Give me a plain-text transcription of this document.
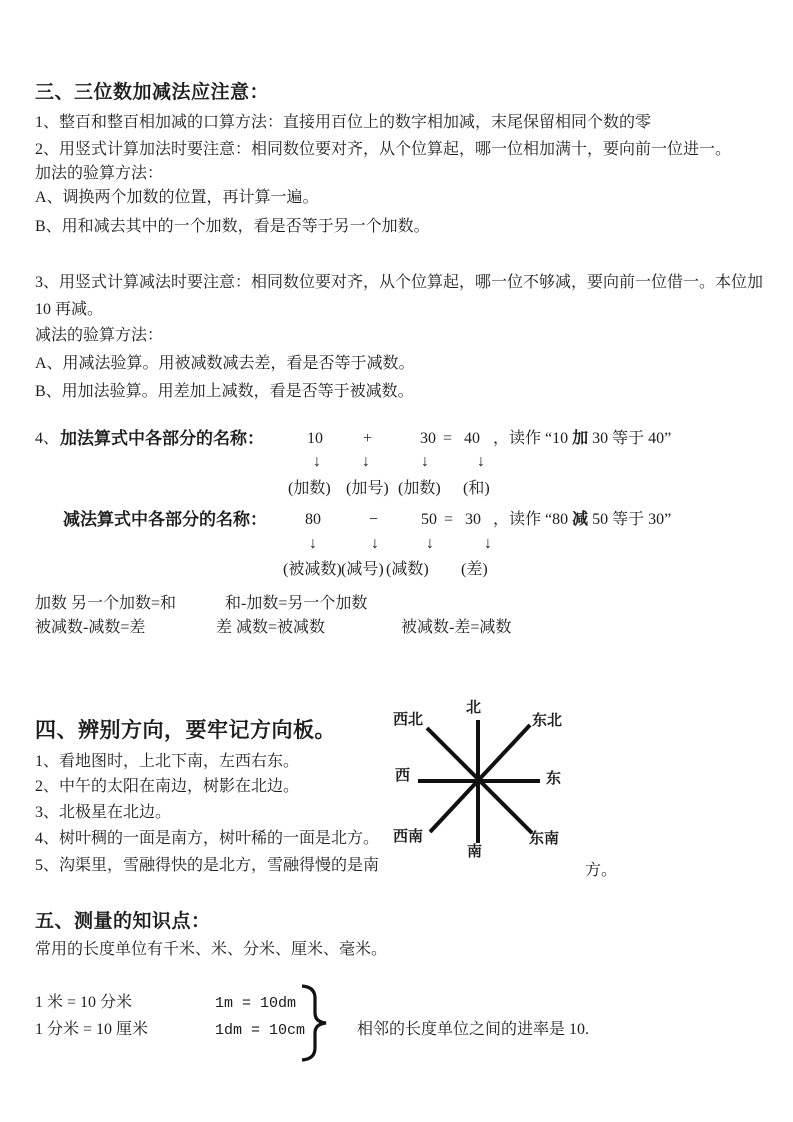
三、三位数加减法应注意：
1、整百和整百相加减的口算方法：直接用百位上的数字相加减，末尾保留相同个数的零
2、用竖式计算加法时要注意：相同数位要对齐，从个位算起，哪一位相加满十，要向前一位进一。
加法的验算方法：
A、调换两个加数的位置，再计算一遍。
B、用和减去其中的一个加数，看是否等于另一个加数。
3、用竖式计算减法时要注意：相同数位要对齐，从个位算起，哪一位不够减，要向前一位借一。本位加
10 再减。
减法的验算方法：
A、用减法验算。用被减数减去差，看是否等于减数。
B、用加法验算。用差加上减数，看是否等于被减数。
4、 加法算式中各部分的名称：	10	+	30 = 40 ，读作 “10 加 30 等于 40”
↓	↓	↓	↓
(加数) (加号) (加数) (和)
减法算式中各部分的名称： 80	−	50 = 30 ，读作 “80 减 50 等于 30”
↓	↓	↓	↓
(被减数) (减号) (减数) (差)
加数 另一个加数=和	和-加数=另一个加数
被减数-减数=差	差 减数=被减数	被减数-差=减数
四、辨别方向，要牢记方向板。
1、看地图时，上北下南，左西右东。
2、中午的太阳在南边，树影在北边。
3、北极星在北边。
4、树叶稠的一面是南方，树叶稀的一面是北方。
5、沟渠里，雪融得快的是北方，雪融得慢的是南	方。
北
西北	东北
西	东
西南	东南
南
五、测量的知识点：
常用的长度单位有千米、米、分米、厘米、毫米。
1 米 = 10 分米	1m = 10dm
1 分米 = 10 厘米	1dm = 10cm	相邻的长度单位之间的进率是 10.
